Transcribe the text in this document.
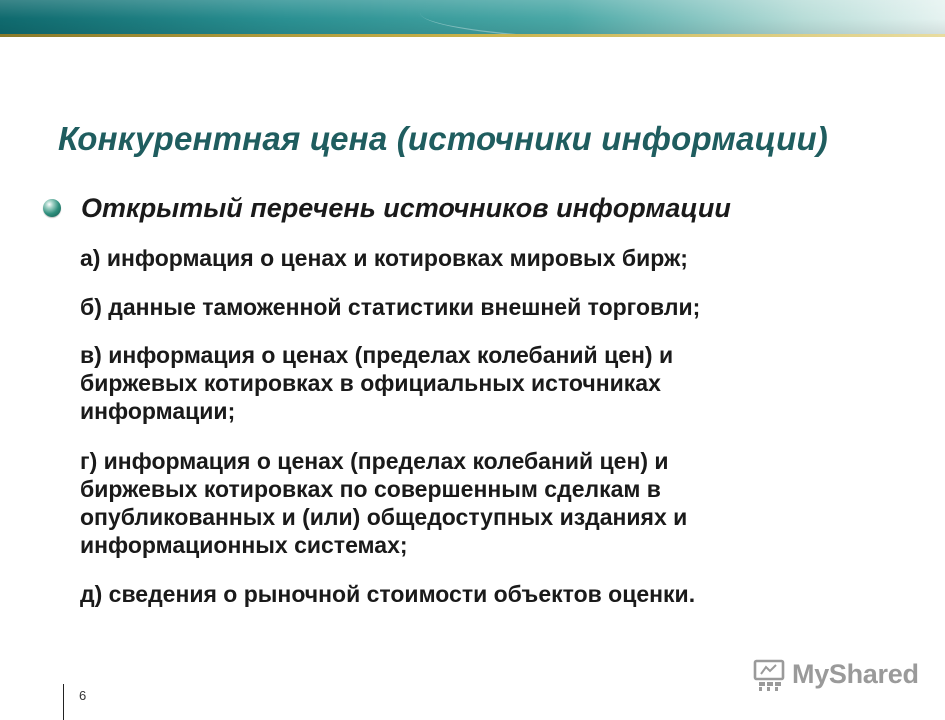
Конкурентная цена (источники информации)
Открытый перечень источников информации

а) информация о ценах и котировках мировых бирж;

б) данные таможенной статистики внешней торговли;

в) информация о ценах (пределах колебаний цен) и
биржевых котировках в официальных источниках
информации;

г) информация о ценах (пределах колебаний цен) и
биржевых котировках по совершенным сделкам в
опубликованных и (или) общедоступных изданиях и
информационных системах;

д) сведения о рыночной стоимости объектов оценки.

6
MyShared
